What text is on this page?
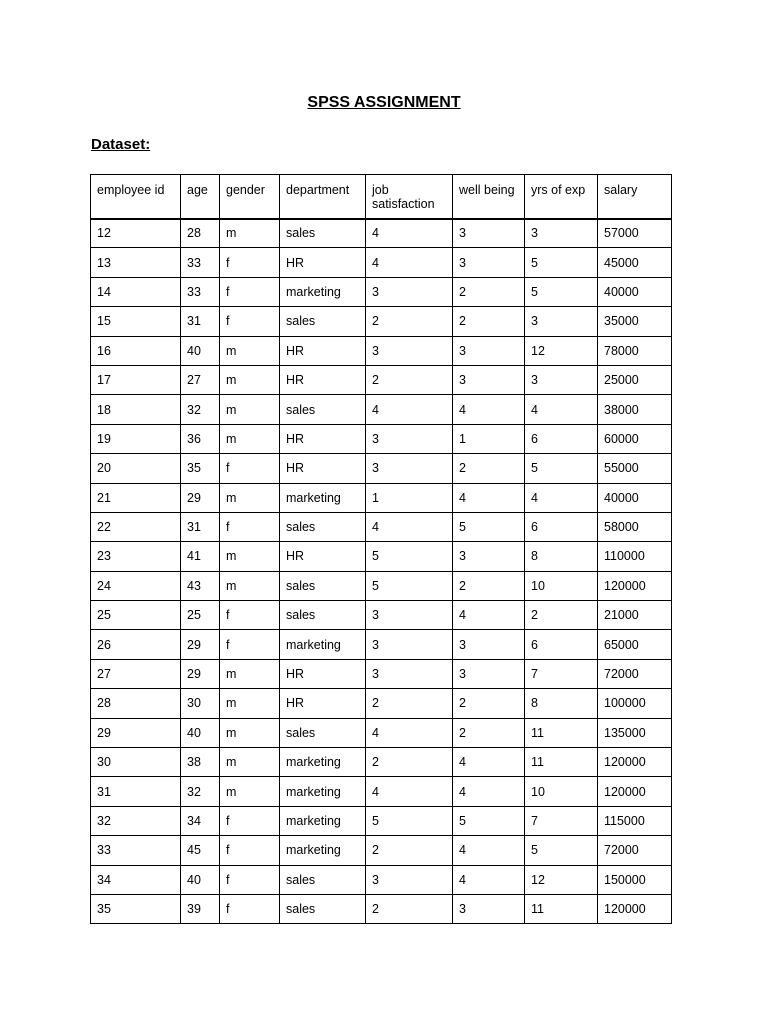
SPSS ASSIGNMENT
Dataset:
employee id	age	gender	department	job satisfaction	well being	yrs of exp	salary
12	28	m	sales	4	3	3	57000
13	33	f	HR	4	3	5	45000
14	33	f	marketing	3	2	5	40000
15	31	f	sales	2	2	3	35000
16	40	m	HR	3	3	12	78000
17	27	m	HR	2	3	3	25000
18	32	m	sales	4	4	4	38000
19	36	m	HR	3	1	6	60000
20	35	f	HR	3	2	5	55000
21	29	m	marketing	1	4	4	40000
22	31	f	sales	4	5	6	58000
23	41	m	HR	5	3	8	110000
24	43	m	sales	5	2	10	120000
25	25	f	sales	3	4	2	21000
26	29	f	marketing	3	3	6	65000
27	29	m	HR	3	3	7	72000
28	30	m	HR	2	2	8	100000
29	40	m	sales	4	2	11	135000
30	38	m	marketing	2	4	11	120000
31	32	m	marketing	4	4	10	120000
32	34	f	marketing	5	5	7	115000
33	45	f	marketing	2	4	5	72000
34	40	f	sales	3	4	12	150000
35	39	f	sales	2	3	11	120000
